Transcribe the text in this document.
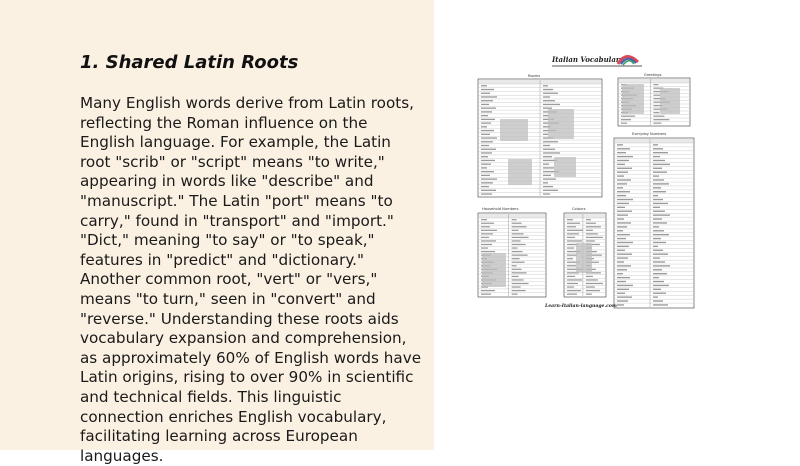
1. Shared Latin Roots

Many English words derive from Latin roots, reflecting the Roman influence on the English language. For example, the Latin root "scrib" or "script" means "to write," appearing in words like "describe" and "manuscript." The Latin "port" means "to carry," found in "transport" and "import." "Dict," meaning "to say" or "to speak," features in "predict" and "dictionary." Another common root, "vert" or "vers," means "to turn," seen in "convert" and "reverse." Understanding these roots aids vocabulary expansion and comprehension, as approximately 60% of English words have Latin origins, rising to over 90% in scientific and technical fields. This linguistic connection enriches English vocabulary, facilitating learning across European languages.

Italian Vocabulary
Rooms	Greetings
Everyday Numbers
Household Numbers	Colours
Learn-Italian-language.com
